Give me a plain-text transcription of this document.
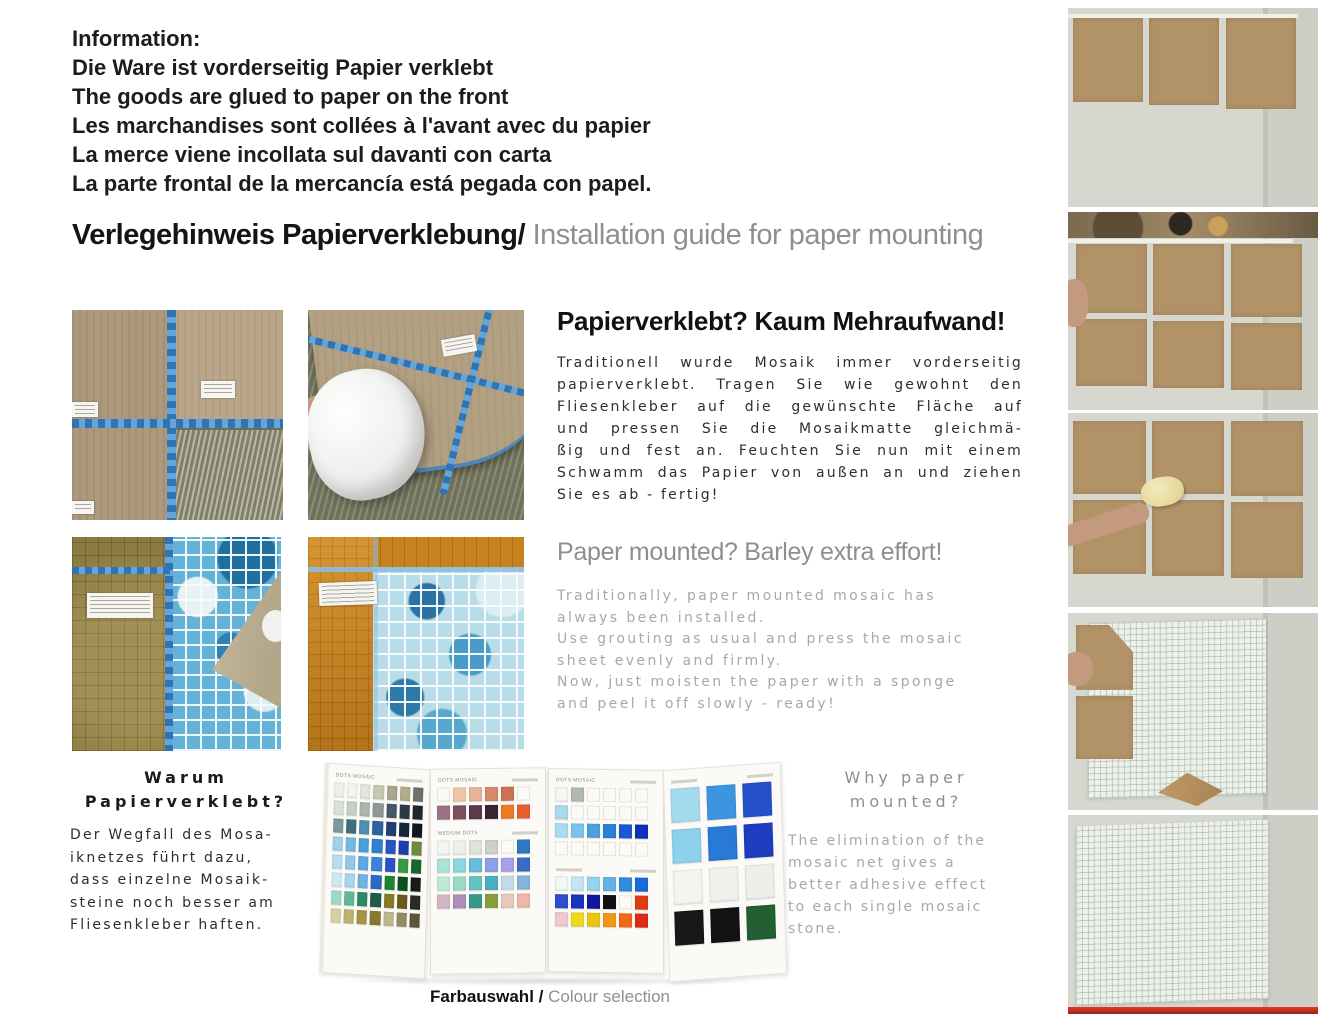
Information:
Die Ware ist vorderseitig Papier verklebt
The goods are glued to paper on the front
Les marchandises sont collées à l'avant avec du papier
La merce viene incollata sul davanti con carta
La parte frontal de la mercancía está pegada con papel.
Verlegehinweis Papierverklebung/ Installation guide for paper mounting
Papierverklebt? Kaum Mehraufwand!
Traditionell wurde Mosaik immer vorderseitig
papierverklebt. Tragen Sie wie gewohnt den
Fliesenkleber auf die gewünschte Fläche auf
und pressen Sie die Mosaikmatte gleichmä-
ßig und fest an. Feuchten Sie nun mit einem
Schwamm das Papier von außen an und ziehen
Sie es ab - fertig!
Paper mounted? Barley extra effort!
Traditionally, paper mounted mosaic has
always been installed.
Use grouting as usual and press the mosaic
sheet evenly and firmly.
Now, just moisten the paper with a sponge
and peel it off slowly - ready!
Warum
Papierverklebt?
Der Wegfall des Mosa-
iknetzes führt dazu,
dass einzelne Mosaik-
steine noch besser am
Fliesenkleber haften.
DOTS MOSAIC	DOTS MOSAIC
MEDIUM DOTS
DOTS MOSAIC	Why paper
mounted?
The elimination of the
mosaic net gives a
better adhesive effect
to each single mosaic
stone.
Farbauswahl / Colour selection
